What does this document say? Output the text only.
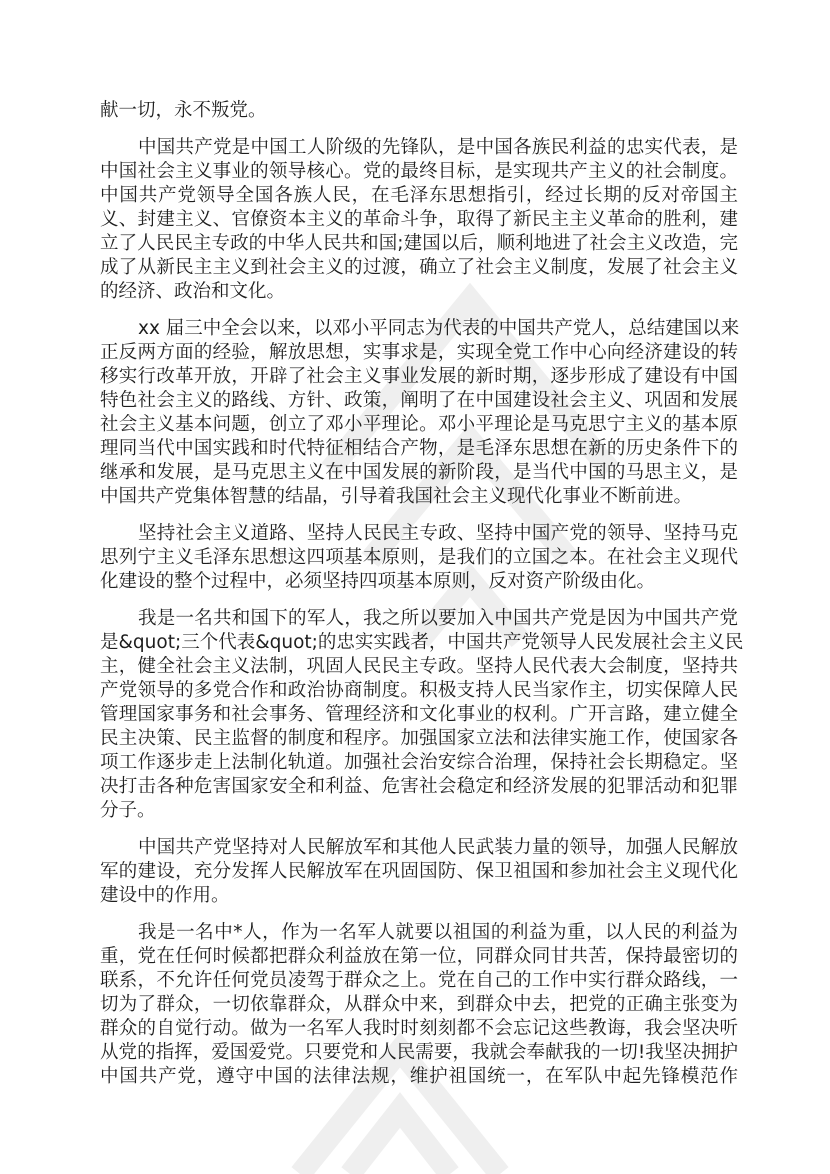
献一切，永不叛党。
中国共产党是中国工人阶级的先锋队，是中国各族民利益的忠实代表，是
中国社会主义事业的领导核心。党的最终目标，是实现共产主义的社会制度。
中国共产党领导全国各族人民，在毛泽东思想指引，经过长期的反对帝国主
义、封建主义、官僚资本主义的革命斗争，取得了新民主主义革命的胜利，建
立了人民民主专政的中华人民共和国;建国以后，顺利地进了社会主义改造，完
成了从新民主主义到社会主义的过渡，确立了社会主义制度，发展了社会主义
的经济、政治和文化。
xx 届三中全会以来，以邓小平同志为代表的中国共产党人，总结建国以来
正反两方面的经验，解放思想，实事求是，实现全党工作中心向经济建设的转
移实行改革开放，开辟了社会主义事业发展的新时期，逐步形成了建设有中国
特色社会主义的路线、方针、政策，阐明了在中国建设社会主义、巩固和发展
社会主义基本问题，创立了邓小平理论。邓小平理论是马克思宁主义的基本原
理同当代中国实践和时代特征相结合产物，是毛泽东思想在新的历史条件下的
继承和发展，是马克思主义在中国发展的新阶段，是当代中国的马思主义，是
中国共产党集体智慧的结晶，引导着我国社会主义现代化事业不断前进。
坚持社会主义道路、坚持人民民主专政、坚持中国产党的领导、坚持马克
思列宁主义毛泽东思想这四项基本原则，是我们的立国之本。在社会主义现代
化建设的整个过程中，必须坚持四项基本原则，反对资产阶级由化。
我是一名共和国下的军人，我之所以要加入中国共产党是因为中国共产党
是&quot;三个代表&quot;的忠实实践者，中国共产党领导人民发展社会主义民
主，健全社会主义法制，巩固人民民主专政。坚持人民代表大会制度，坚持共
产党领导的多党合作和政治协商制度。积极支持人民当家作主，切实保障人民
管理国家事务和社会事务、管理经济和文化事业的权利。广开言路，建立健全
民主决策、民主监督的制度和程序。加强国家立法和法律实施工作，使国家各
项工作逐步走上法制化轨道。加强社会治安综合治理，保持社会长期稳定。坚
决打击各种危害国家安全和利益、危害社会稳定和经济发展的犯罪活动和犯罪
分子。
中国共产党坚持对人民解放军和其他人民武装力量的领导，加强人民解放
军的建设，充分发挥人民解放军在巩固国防、保卫祖国和参加社会主义现代化
建设中的作用。
我是一名中*人，作为一名军人就要以祖国的利益为重，以人民的利益为
重，党在任何时候都把群众利益放在第一位，同群众同甘共苦，保持最密切的
联系，不允许任何党员凌驾于群众之上。党在自己的工作中实行群众路线，一
切为了群众，一切依靠群众，从群众中来，到群众中去，把党的正确主张变为
群众的自觉行动。做为一名军人我时时刻刻都不会忘记这些教诲，我会坚决听
从党的指挥，爱国爱党。只要党和人民需要，我就会奉献我的一切!我坚决拥护
中国共产党，遵守中国的法律法规，维护祖国统一，在军队中起先锋模范作
